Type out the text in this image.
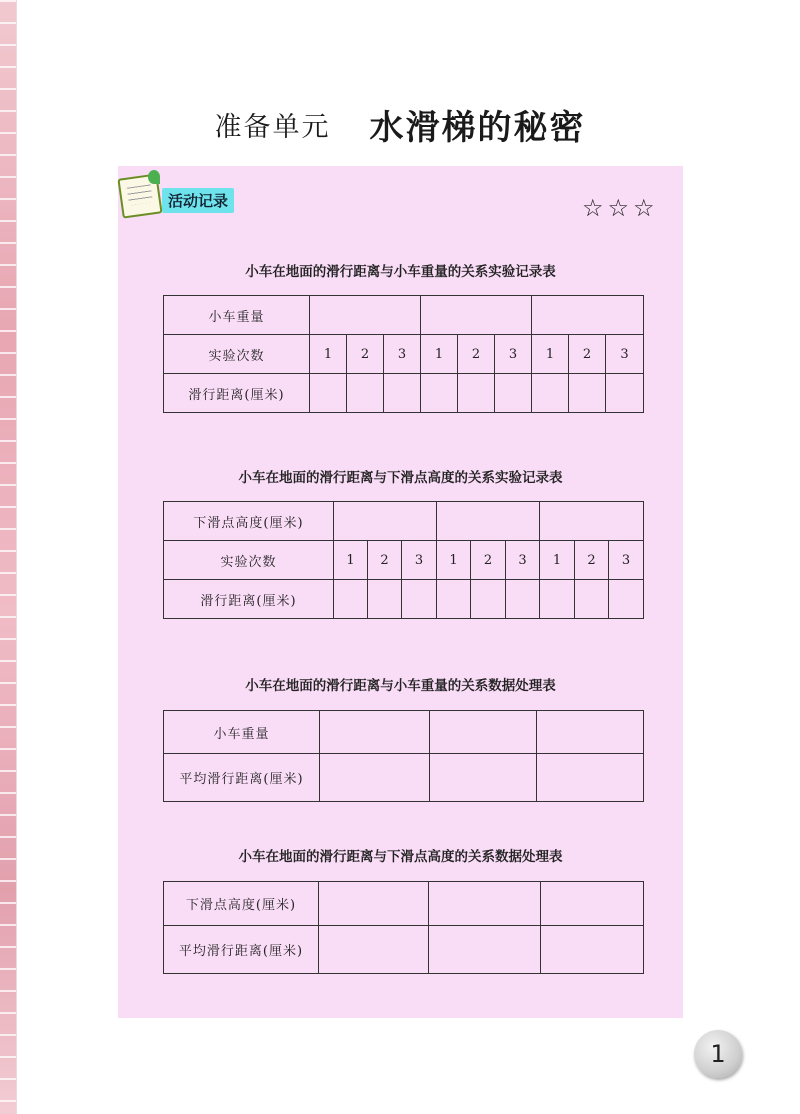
准备单元 水滑梯的秘密
活动记录	☆☆☆
小车在地面的滑行距离与小车重量的关系实验记录表
小车重量									
实验次数	1	2	3	1	2	3	1	2	3
滑行距离(厘米)									
小车在地面的滑行距离与下滑点高度的关系实验记录表
下滑点高度(厘米)									
实验次数	1	2	3	1	2	3	1	2	3
滑行距离(厘米)									
小车在地面的滑行距离与小车重量的关系数据处理表
小车重量			
平均滑行距离(厘米)			
小车在地面的滑行距离与下滑点高度的关系数据处理表
下滑点高度(厘米)			
平均滑行距离(厘米)			
1
